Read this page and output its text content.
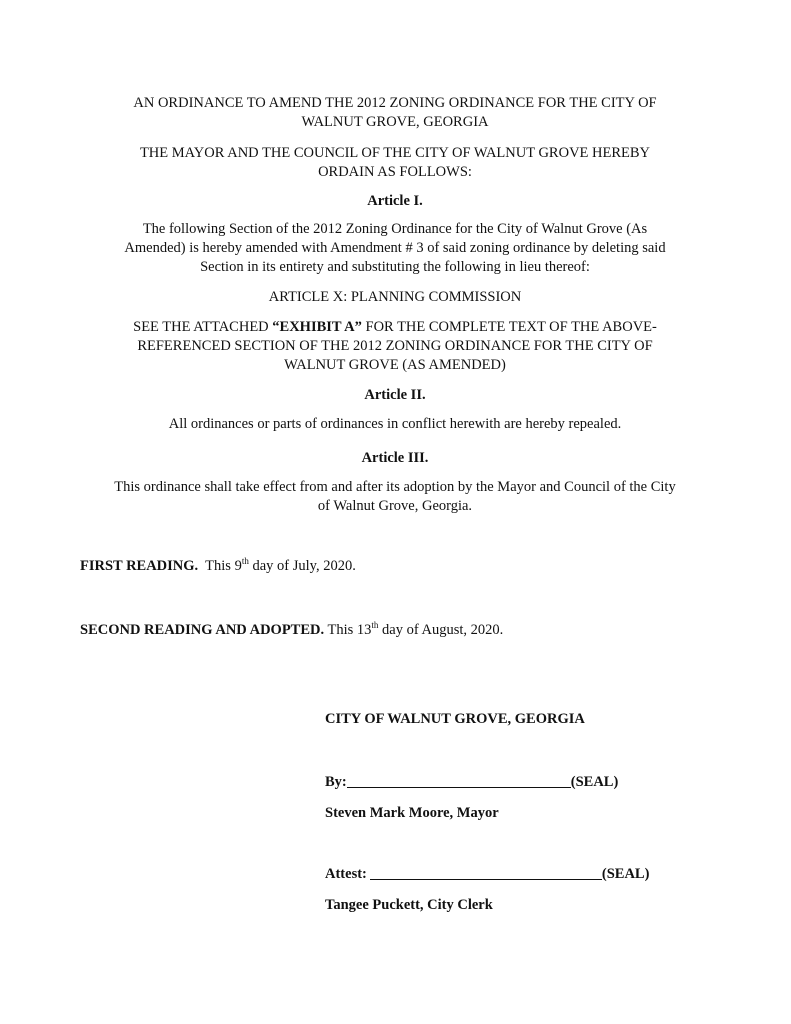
AN ORDINANCE TO AMEND THE 2012 ZONING ORDINANCE FOR THE CITY OF
WALNUT GROVE, GEORGIA
THE MAYOR AND THE COUNCIL OF THE CITY OF WALNUT GROVE HEREBY
ORDAIN AS FOLLOWS:
Article I.
The following Section of the 2012 Zoning Ordinance for the City of Walnut Grove (As
Amended) is hereby amended with Amendment # 3 of said zoning ordinance by deleting said
Section in its entirety and substituting the following in lieu thereof:
ARTICLE X: PLANNING COMMISSION
SEE THE ATTACHED “EXHIBIT A” FOR THE COMPLETE TEXT OF THE ABOVE-
REFERENCED SECTION OF THE 2012 ZONING ORDINANCE FOR THE CITY OF
WALNUT GROVE (AS AMENDED)
Article II.
All ordinances or parts of ordinances in conflict herewith are hereby repealed.
Article III.
This ordinance shall take effect from and after its adoption by the Mayor and Council of the City
of Walnut Grove, Georgia.
FIRST READING.  This 9th day of July, 2020.
SECOND READING AND ADOPTED. This 13th day of August, 2020.
CITY OF WALNUT GROVE, GEORGIA
By:	(SEAL)
Steven Mark Moore, Mayor
Attest:	(SEAL)
Tangee Puckett, City Clerk
